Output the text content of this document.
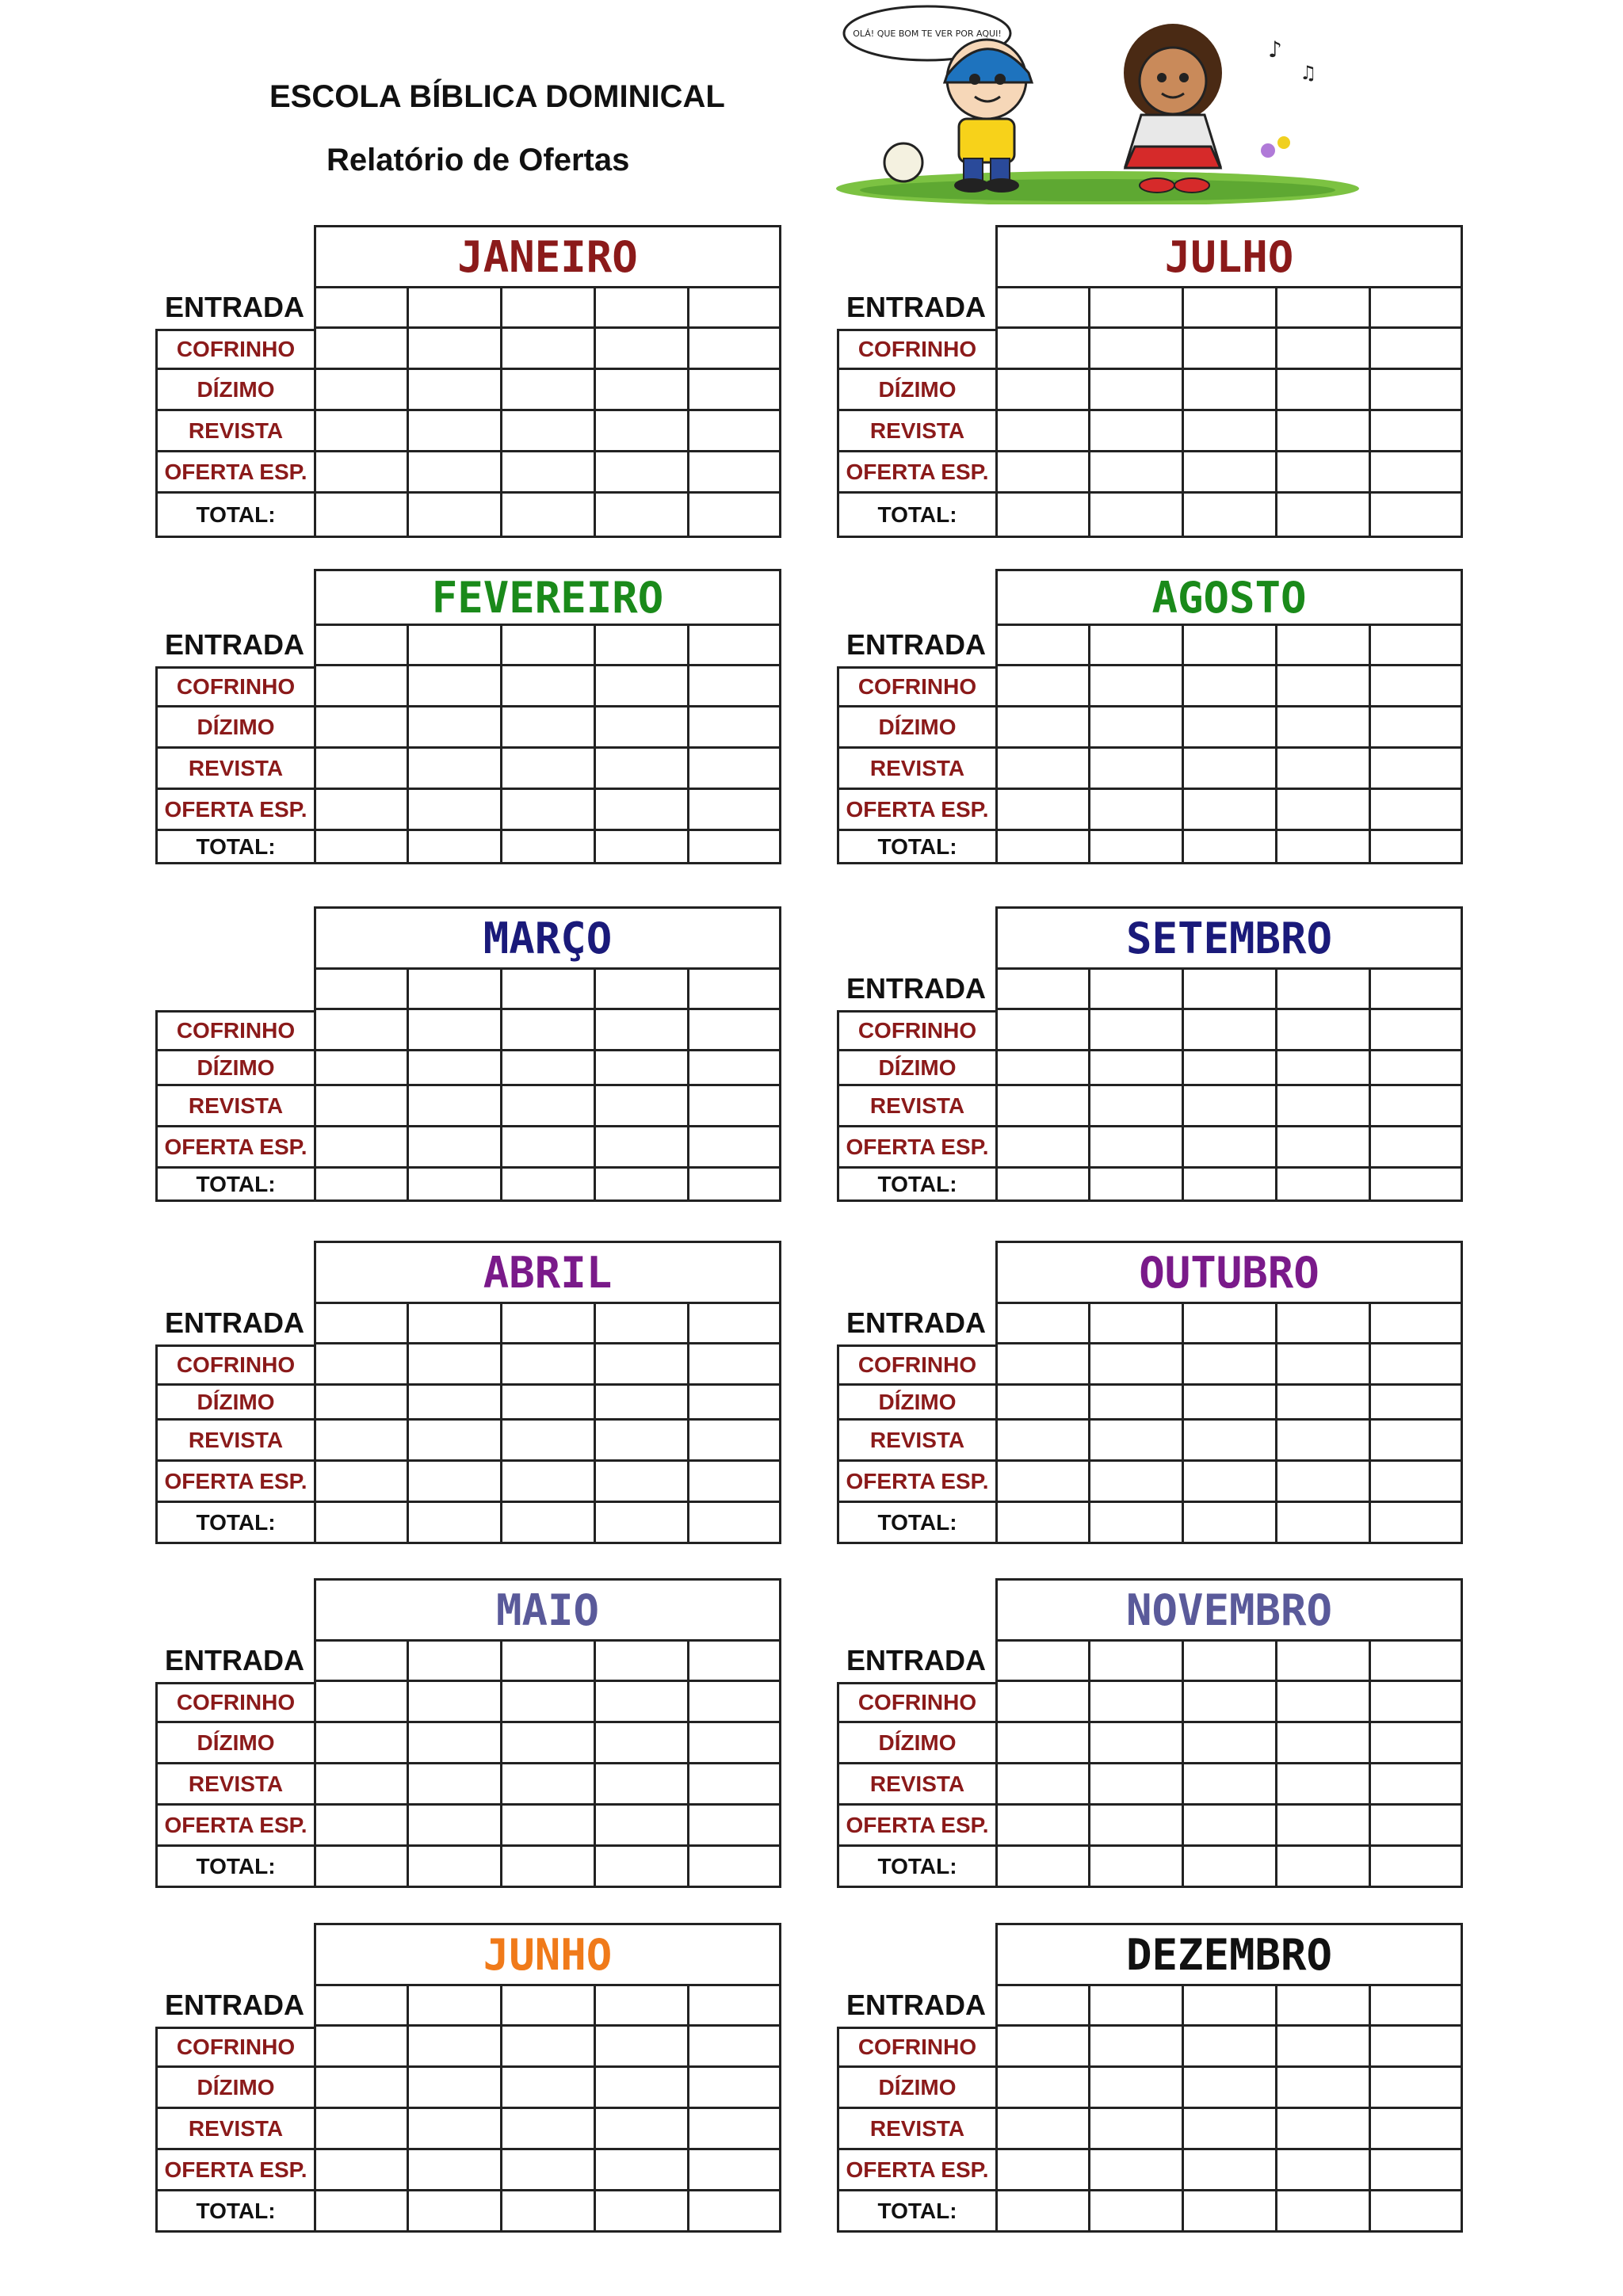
ESCOLA BÍBLICA DOMINICAL
Relatório de Ofertas
OLÁ! QUE BOM TE VER POR AQUI!
♪
♫
JANEIRO
ENTRADA
COFRINHO
DÍZIMO
REVISTA
OFERTA ESP.
TOTAL:
JULHO
ENTRADA
COFRINHO
DÍZIMO
REVISTA
OFERTA ESP.
TOTAL:
FEVEREIRO
ENTRADA
COFRINHO
DÍZIMO
REVISTA
OFERTA ESP.
TOTAL:
AGOSTO
ENTRADA
COFRINHO
DÍZIMO
REVISTA
OFERTA ESP.
TOTAL:
MARÇO
COFRINHO
DÍZIMO
REVISTA
OFERTA ESP.
TOTAL:
SETEMBRO
ENTRADA
COFRINHO
DÍZIMO
REVISTA
OFERTA ESP.
TOTAL:
ABRIL
ENTRADA
COFRINHO
DÍZIMO
REVISTA
OFERTA ESP.
TOTAL:
OUTUBRO
ENTRADA
COFRINHO
DÍZIMO
REVISTA
OFERTA ESP.
TOTAL:
MAIO
ENTRADA
COFRINHO
DÍZIMO
REVISTA
OFERTA ESP.
TOTAL:
NOVEMBRO
ENTRADA
COFRINHO
DÍZIMO
REVISTA
OFERTA ESP.
TOTAL:
JUNHO
ENTRADA
COFRINHO
DÍZIMO
REVISTA
OFERTA ESP.
TOTAL:
DEZEMBRO
ENTRADA
COFRINHO
DÍZIMO
REVISTA
OFERTA ESP.
TOTAL:
